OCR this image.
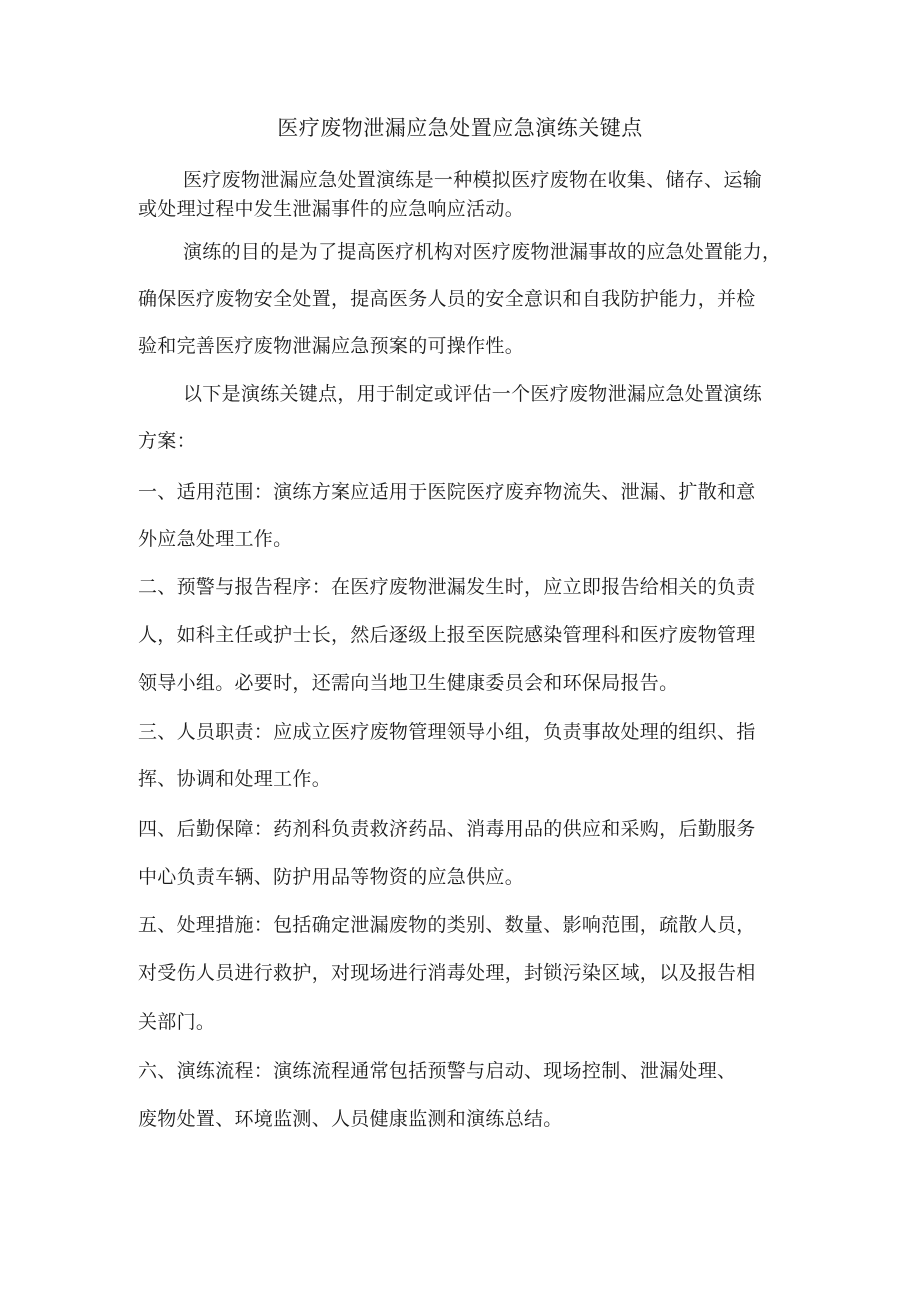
医疗废物泄漏应急处置应急演练关键点
医疗废物泄漏应急处置演练是一种模拟医疗废物在收集、储存、运输
或处理过程中发生泄漏事件的应急响应活动。
演练的目的是为了提高医疗机构对医疗废物泄漏事故的应急处置能力，
确保医疗废物安全处置，提高医务人员的安全意识和自我防护能力，并检
验和完善医疗废物泄漏应急预案的可操作性。
以下是演练关键点，用于制定或评估一个医疗废物泄漏应急处置演练
方案：
一、适用范围：演练方案应适用于医院医疗废弃物流失、泄漏、扩散和意
外应急处理工作。
二、预警与报告程序：在医疗废物泄漏发生时，应立即报告给相关的负责
人，如科主任或护士长，然后逐级上报至医院感染管理科和医疗废物管理
领导小组。必要时，还需向当地卫生健康委员会和环保局报告。
三、人员职责：应成立医疗废物管理领导小组，负责事故处理的组织、指
挥、协调和处理工作。
四、后勤保障：药剂科负责救济药品、消毒用品的供应和采购，后勤服务
中心负责车辆、防护用品等物资的应急供应。
五、处理措施：包括确定泄漏废物的类别、数量、影响范围，疏散人员，
对受伤人员进行救护，对现场进行消毒处理，封锁污染区域，以及报告相
关部门。
六、演练流程：演练流程通常包括预警与启动、现场控制、泄漏处理、
废物处置、环境监测、人员健康监测和演练总结。
